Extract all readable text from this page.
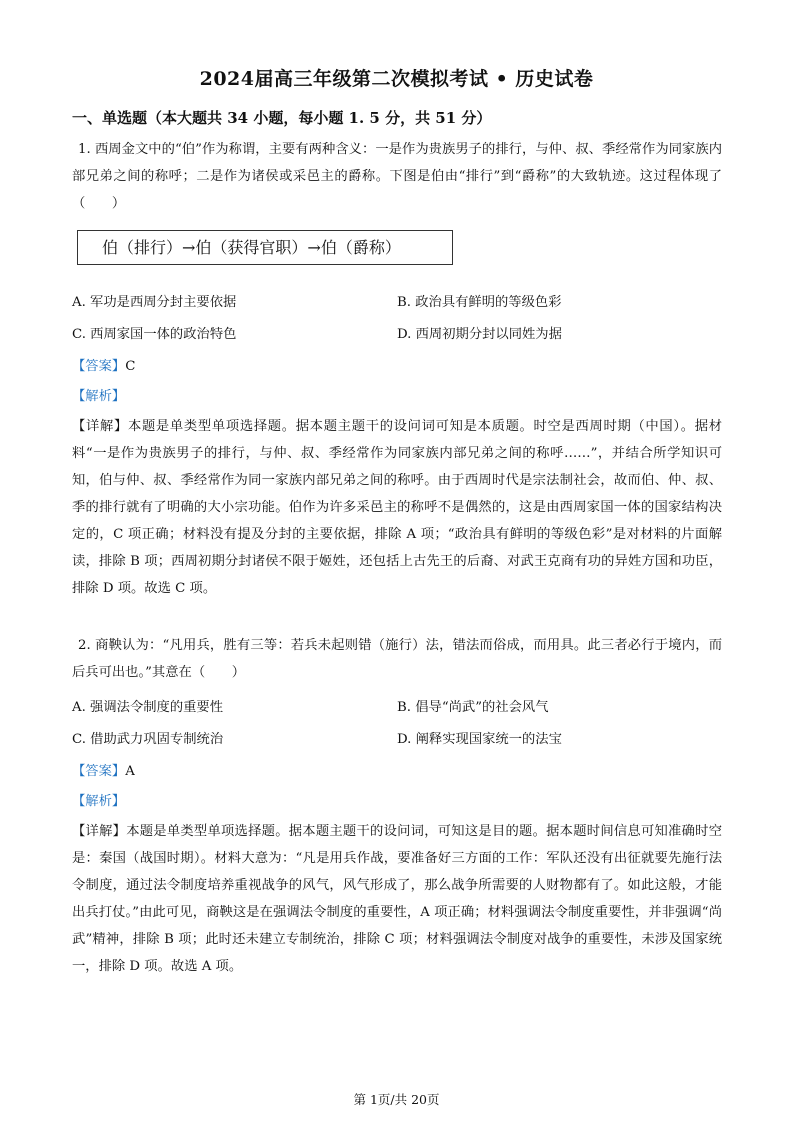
2024届高三年级第二次模拟考试 • 历史试卷
一、单选题（本大题共 34 小题，每小题 1. 5 分，共 51 分）

1. 西周金文中的“伯”作为称谓，主要有两种含义：一是作为贵族男子的排行，与仲、叔、季经常作为同家族内部兄弟之间的称呼；二是作为诸侯或采邑主的爵称。下图是伯由“排行”到“爵称”的大致轨迹。这过程体现了（　　）

伯（排行）→伯（获得官职）→伯（爵称）
A. 军功是西周分封主要依据	B. 政治具有鲜明的等级色彩
C. 西周家国一体的政治特色	D. 西周初期分封以同姓为据
【答案】C
【解析】

【详解】本题是单类型单项选择题。据本题主题干的设问词可知是本质题。时空是西周时期（中国）。据材料“一是作为贵族男子的排行，与仲、叔、季经常作为同家族内部兄弟之间的称呼……”，并结合所学知识可知，伯与仲、叔、季经常作为同一家族内部兄弟之间的称呼。由于西周时代是宗法制社会，故而伯、仲、叔、季的排行就有了明确的大小宗功能。伯作为许多采邑主的称呼不是偶然的，这是由西周家国一体的国家结构决定的，C 项正确；材料没有提及分封的主要依据，排除 A 项；“政治具有鲜明的等级色彩”是对材料的片面解读，排除 B 项；西周初期分封诸侯不限于姬姓，还包括上古先王的后裔、对武王克商有功的异姓方国和功臣，排除 D 项。故选 C 项。

2. 商鞅认为：“凡用兵，胜有三等：若兵未起则错（施行）法，错法而俗成，而用具。此三者必行于境内，而后兵可出也。”其意在（　　）

A. 强调法令制度的重要性	B. 倡导“尚武”的社会风气
C. 借助武力巩固专制统治	D. 阐释实现国家统一的法宝
【答案】A
【解析】

【详解】本题是单类型单项选择题。据本题主题干的设问词，可知这是目的题。据本题时间信息可知准确时空是：秦国（战国时期）。材料大意为：“凡是用兵作战，要准备好三方面的工作：军队还没有出征就要先施行法令制度，通过法令制度培养重视战争的风气，风气形成了，那么战争所需要的人财物都有了。如此这般，才能出兵打仗。”由此可见，商鞅这是在强调法令制度的重要性，A 项正确；材料强调法令制度重要性，并非强调“尚武”精神，排除 B 项；此时还未建立专制统治，排除 C 项；材料强调法令制度对战争的重要性，未涉及国家统一，排除 D 项。故选 A 项。

第 1页/共 20页
